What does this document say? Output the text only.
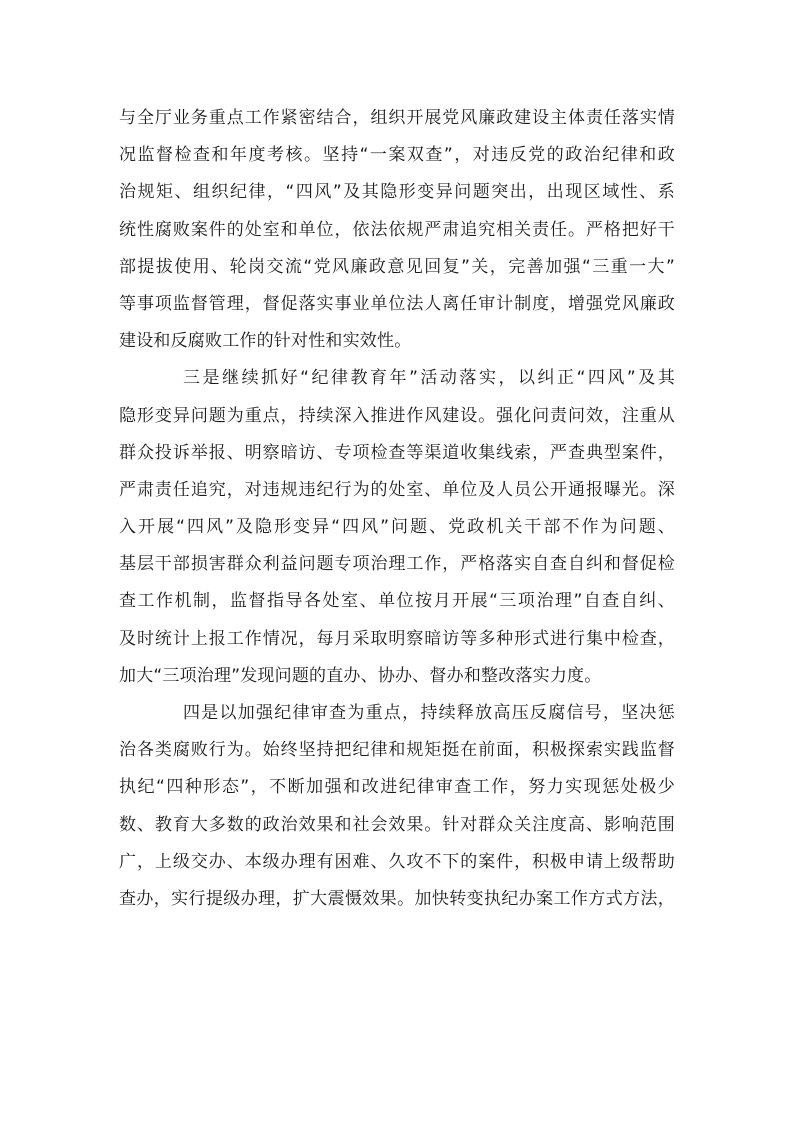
与全厅业务重点工作紧密结合，组织开展党风廉政建设主体责任落实情
况监督检查和年度考核。坚持“一案双查”，对违反党的政治纪律和政
治规矩、组织纪律，“四风”及其隐形变异问题突出，出现区域性、系
统性腐败案件的处室和单位，依法依规严肃追究相关责任。严格把好干
部提拔使用、轮岗交流“党风廉政意见回复”关，完善加强“三重一大”
等事项监督管理，督促落实事业单位法人离任审计制度，增强党风廉政
建设和反腐败工作的针对性和实效性。
三是继续抓好“纪律教育年”活动落实，以纠正“四风”及其
隐形变异问题为重点，持续深入推进作风建设。强化问责问效，注重从
群众投诉举报、明察暗访、专项检查等渠道收集线索，严查典型案件，
严肃责任追究，对违规违纪行为的处室、单位及人员公开通报曝光。深
入开展“四风”及隐形变异“四风”问题、党政机关干部不作为问题、
基层干部损害群众利益问题专项治理工作，严格落实自查自纠和督促检
查工作机制，监督指导各处室、单位按月开展“三项治理”自查自纠、
及时统计上报工作情况，每月采取明察暗访等多种形式进行集中检查，
加大“三项治理”发现问题的直办、协办、督办和整改落实力度。
四是以加强纪律审查为重点，持续释放高压反腐信号，坚决惩
治各类腐败行为。始终坚持把纪律和规矩挺在前面，积极探索实践监督
执纪“四种形态”，不断加强和改进纪律审查工作，努力实现惩处极少
数、教育大多数的政治效果和社会效果。针对群众关注度高、影响范围
广，上级交办、本级办理有困难、久攻不下的案件，积极申请上级帮助
查办，实行提级办理，扩大震慑效果。加快转变执纪办案工作方式方法，
